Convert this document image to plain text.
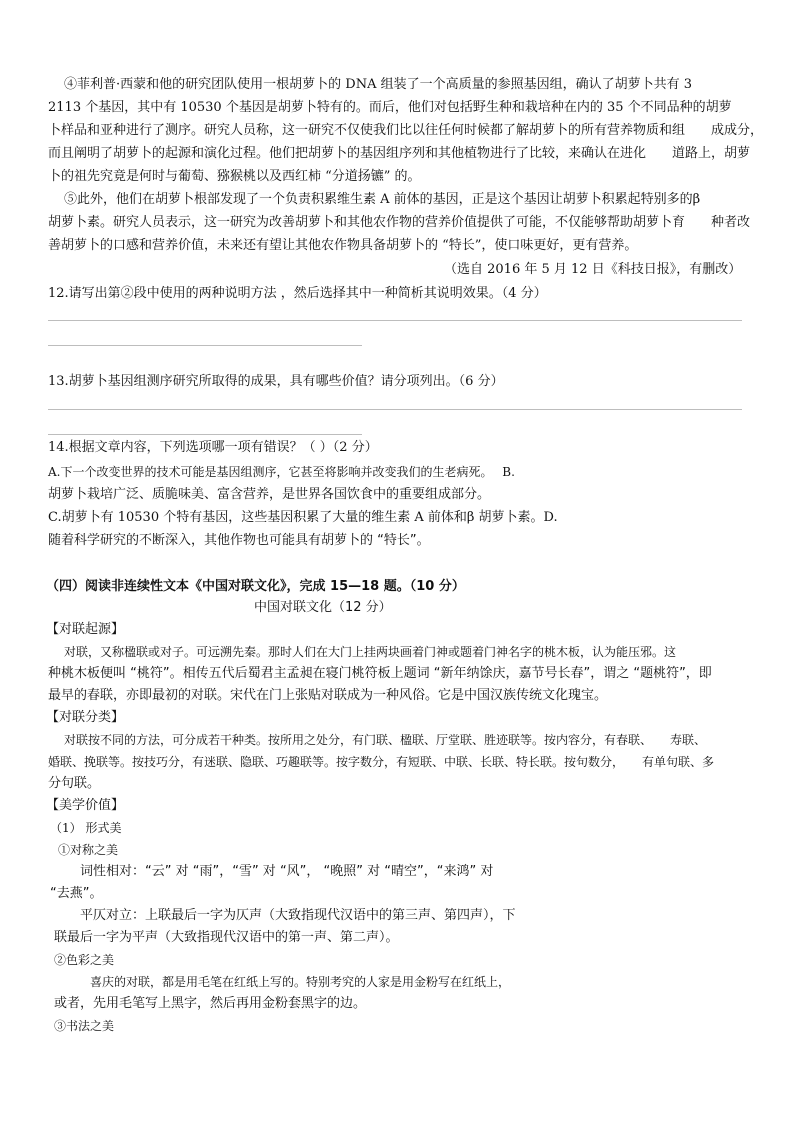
④菲利普·西蒙和他的研究团队使用一根胡萝卜的 DNA 组装了一个高质量的参照基因组，确认了胡萝卜共有 3
2113 个基因，其中有 10530 个基因是胡萝卜特有的。而后，他们对包括野生种和栽培种在内的 35 个不同品种的胡萝
卜样品和亚种进行了测序。研究人员称，这一研究不仅使我们比以往任何时候都了解胡萝卜的所有营养物质和组　　成成分，
而且阐明了胡萝卜的起源和演化过程。他们把胡萝卜的基因组序列和其他植物进行了比较，来确认在进化　　道路上，胡萝
卜的祖先究竟是何时与葡萄、猕猴桃以及西红柿 “分道扬镳” 的。
⑤此外，他们在胡萝卜根部发现了一个负责积累维生素 A 前体的基因，正是这个基因让胡萝卜积累起特别多的β
胡萝卜素。研究人员表示，这一研究为改善胡萝卜和其他农作物的营养价值提供了可能，不仅能够帮助胡萝卜育　　种者改
善胡萝卜的口感和营养价值，未来还有望让其他农作物具备胡萝卜的 “特长”，使口味更好，更有营养。
（选自 2016 年 5 月 12 日《科技日报》，有删改）
12.请写出第②段中使用的两种说明方法 ，然后选择其中一种简析其说明效果。（4 分）
13.胡萝卜基因组测序研究所取得的成果，具有哪些价值？请分项列出。（6 分）
14.根据文章内容，下列选项哪一项有错误？（ ）（2 分）
A.下一个改变世界的技术可能是基因组测序，它甚至将影响并改变我们的生老病死。　 B.
胡萝卜栽培广泛、质脆味美、富含营养，是世界各国饮食中的重要组成部分。
C.胡萝卜有 10530 个特有基因，这些基因积累了大量的维生素 A 前体和β 胡萝卜素。D.
随着科学研究的不断深入，其他作物也可能具有胡萝卜的 “特长”。
（四）阅读非连续性文本《中国对联文化》，完成 15—18 题。（10 分）
中国对联文化（12 分）
【对联起源】
对联，又称楹联或对子。可远溯先秦。那时人们在大门上挂两块画着门神或题着门神名字的桃木板，认为能压邪。这
种桃木板便叫 “桃符”。相传五代后蜀君主孟昶在寝门桃符板上题词 “新年纳馀庆，嘉节号长春”，谓之 “题桃符”，即
最早的春联，亦即最初的对联。宋代在门上张贴对联成为一种风俗。它是中国汉族传统文化瑰宝。
【对联分类】
对联按不同的方法，可分成若干种类。按所用之处分，有门联、楹联、厅堂联、胜迹联等。按内容分，有春联、　　寿联、
婚联、挽联等。按技巧分，有迷联、隐联、巧趣联等。按字数分，有短联、中联、长联、特长联。按句数分，　　有单句联、多
分句联。
【美学价值】
（1） 形式美
①对称之美
词性相对：“云” 对 “雨”，“雪” 对 “风”， “晚照” 对 “晴空”，“来鸿” 对
“去燕”。
平仄对立：上联最后一字为仄声（大致指现代汉语中的第三声、第四声），下
联最后一字为平声（大致指现代汉语中的第一声、第二声）。
②色彩之美
喜庆的对联，都是用毛笔在红纸上写的。特别考究的人家是用金粉写在红纸上，
或者，先用毛笔写上黑字，然后再用金粉套黑字的边。
③书法之美
